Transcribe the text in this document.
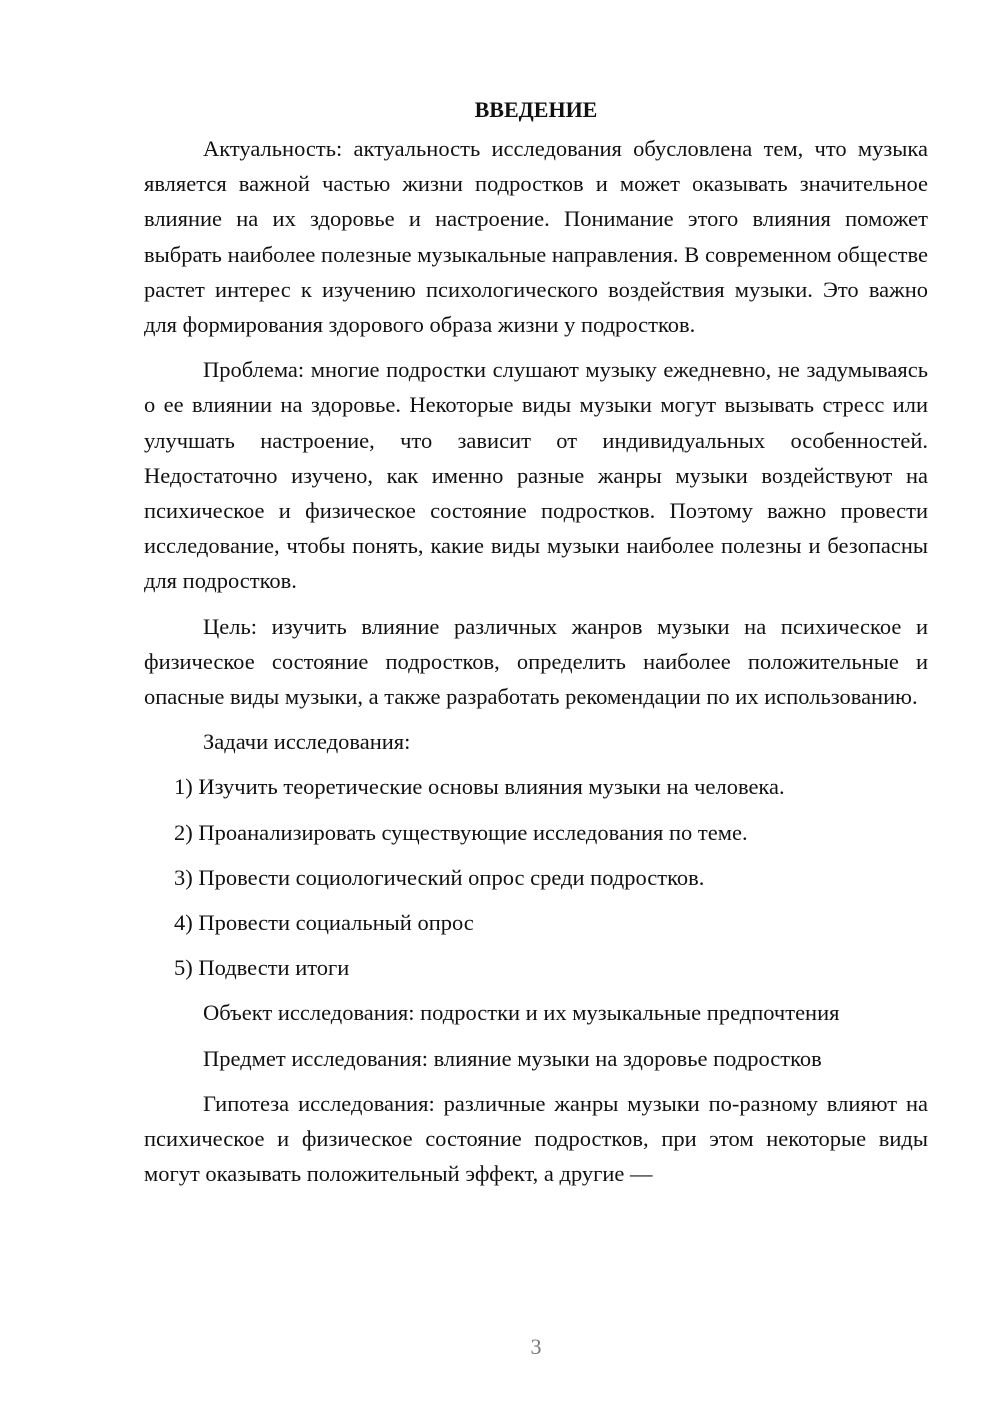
ВВЕДЕНИЕ

Актуальность: актуальность исследования обусловлена тем, что музыка является важной частью жизни подростков и может оказывать значительное влияние на их здоровье и настроение. Понимание этого влияния поможет выбрать наиболее полезные музыкальные направления. В современном обществе растет интерес к изучению психологического воздействия музыки. Это важно для формирования здорового образа жизни у подростков.

Проблема: многие подростки слушают музыку ежедневно, не задумываясь о ее влиянии на здоровье. Некоторые виды музыки могут вызывать стресс или улучшать настроение, что зависит от индивидуальных особенностей. Недостаточно изучено, как именно разные жанры музыки воздействуют на психическое и физическое состояние подростков. Поэтому важно провести исследование, чтобы понять, какие виды музыки наиболее полезны и безопасны для подростков.

Цель: изучить влияние различных жанров музыки на психическое и физическое состояние подростков, определить наиболее положительные и опасные виды музыки, а также разработать рекомендации по их использованию.

Задачи исследования:
1) Изучить теоретические основы влияния музыки на человека.
2) Проанализировать существующие исследования по теме.
3) Провести социологический опрос среди подростков.
4) Провести социальный опрос
5) Подвести итоги
Объект исследования: подростки и их музыкальные предпочтения
Предмет исследования: влияние музыки на здоровье подростков

Гипотеза исследования: различные жанры музыки по-разному влияют на психическое и физическое состояние подростков, при этом некоторые виды могут оказывать положительный эффект, а другие —

3
